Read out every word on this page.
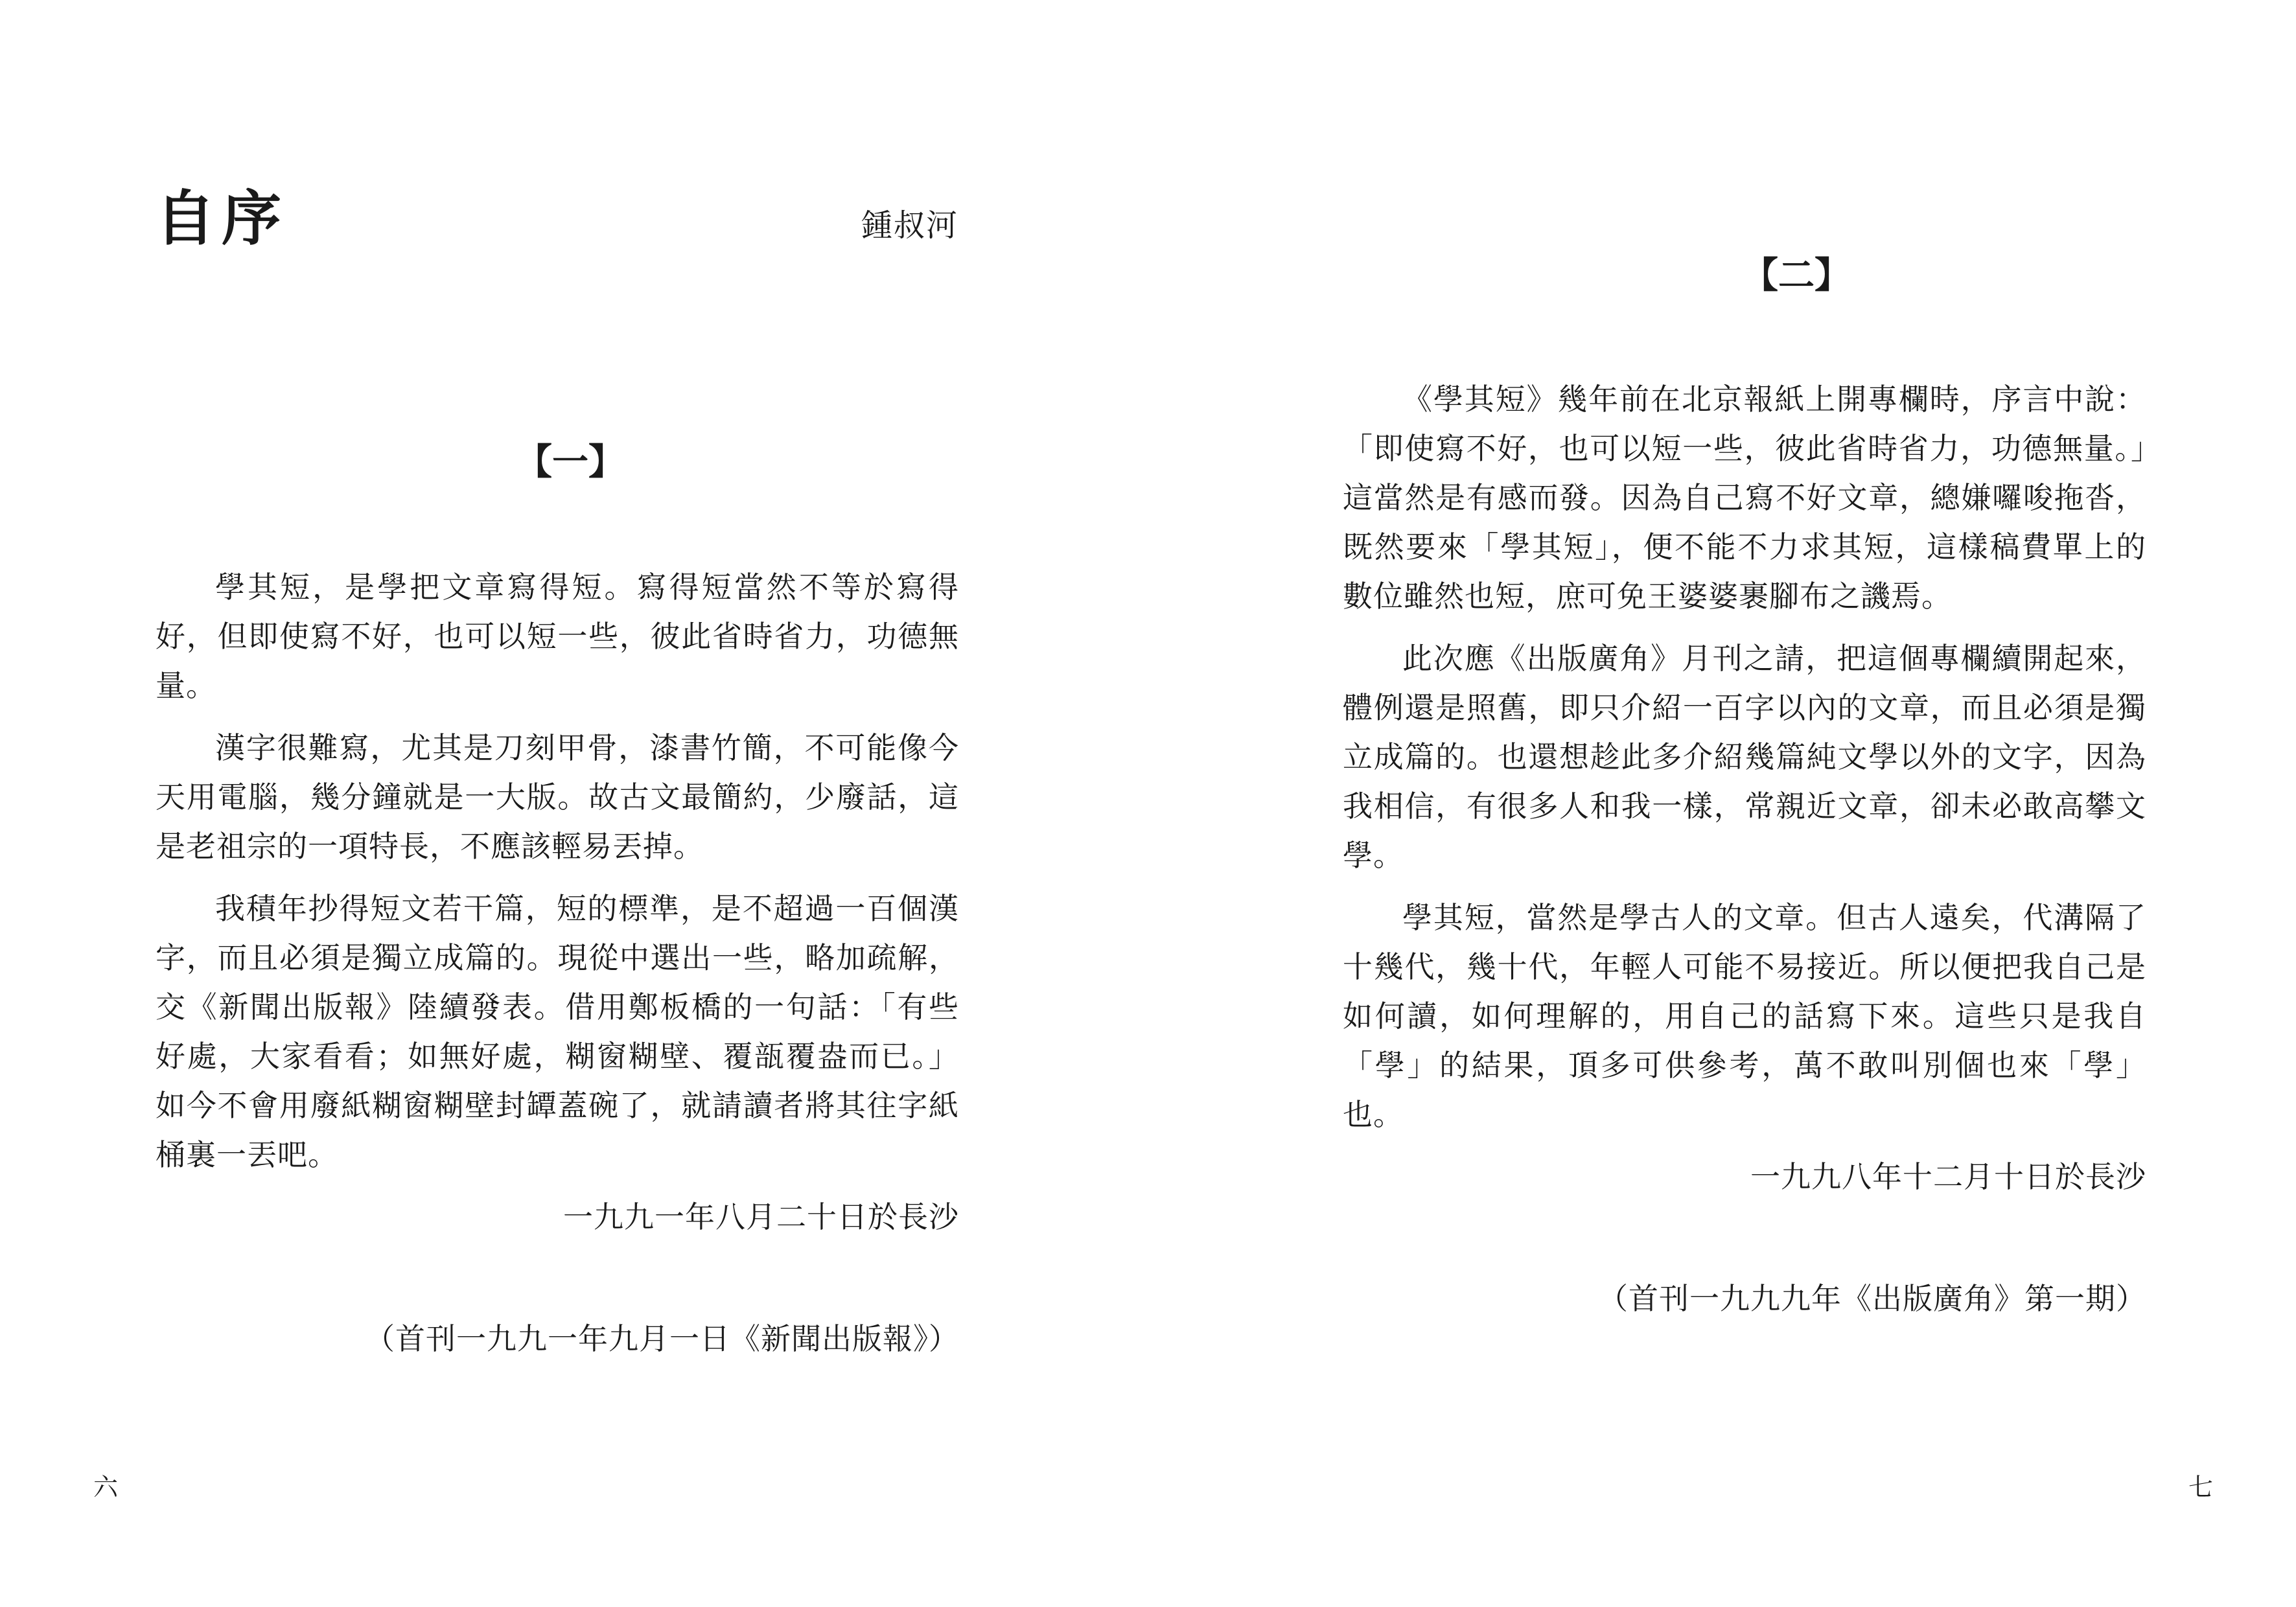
自序	鍾叔河
【一】

學其短，是學把文章寫得短。寫得短當然不等於寫得好，但即使寫不好，也可以短一些，彼此省時省力，功德無量。

漢字很難寫，尤其是刀刻甲骨，漆書竹簡，不可能像今天用電腦，幾分鐘就是一大版。故古文最簡約，少廢話，這是老祖宗的一項特長，不應該輕易丟掉。

我積年抄得短文若干篇，短的標準，是不超過一百個漢字，而且必須是獨立成篇的。現從中選出一些，略加疏解，交《新聞出版報》陸續發表。借用鄭板橋的一句話：「有些好處，大家看看；如無好處，糊窗糊壁、覆瓿覆盎而已。」如今不會用廢紙糊窗糊壁封罈蓋碗了，就請讀者將其往字紙桶裏一丟吧。

一九九一年八月二十日於長沙
（首刊一九九一年九月一日《新聞出版報》）
六
【二】

《學其短》幾年前在北京報紙上開專欄時，序言中說：「即使寫不好，也可以短一些，彼此省時省力，功德無量。」這當然是有感而發。因為自己寫不好文章，總嫌囉唆拖沓，既然要來「學其短」，便不能不力求其短，這樣稿費單上的數位雖然也短，庶可免王婆婆裹腳布之譏焉。

此次應《出版廣角》月刊之請，把這個專欄續開起來，體例還是照舊，即只介紹一百字以內的文章，而且必須是獨立成篇的。也還想趁此多介紹幾篇純文學以外的文字，因為我相信，有很多人和我一樣，常親近文章，卻未必敢高攀文學。

學其短，當然是學古人的文章。但古人遠矣，代溝隔了十幾代，幾十代，年輕人可能不易接近。所以便把我自己是如何讀，如何理解的，用自己的話寫下來。這些只是我自「學」的結果，頂多可供參考，萬不敢叫別個也來「學」也。

一九九八年十二月十日於長沙
（首刊一九九九年《出版廣角》第一期）
七
